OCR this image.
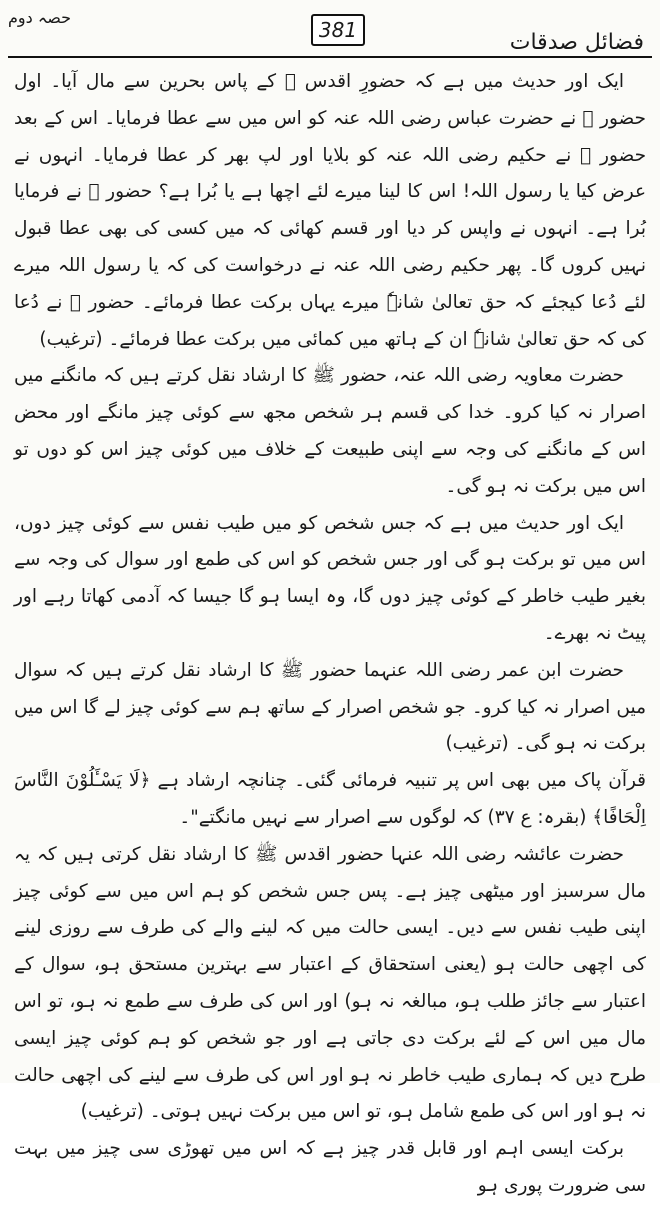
حصہ دوم
381	فضائل صدقات

ایک اور حدیث میں ہے کہ حضورِ اقدس ﷺ کے پاس بحرین سے مال آیا۔ اول حضور ﷺ نے حضرت عباس رضی اللہ عنہ کو اس میں سے عطا فرمایا۔ اس کے بعد حضور ﷺ نے حکیم رضی اللہ عنہ کو بلایا اور لپ بھر کر عطا فرمایا۔ انہوں نے عرض کیا یا رسول اللہ! اس کا لینا میرے لئے اچھا ہے یا بُرا ہے؟ حضور ﷺ نے فرمایا بُرا ہے۔ انہوں نے واپس کر دیا اور قسم کھائی کہ میں کسی کی بھی عطا قبول نہیں کروں گا۔ پھر حکیم رضی اللہ عنہ نے درخواست کی کہ یا رسول اللہ میرے لئے دُعا کیجئے کہ حق تعالیٰ شانہٗ میرے یہاں برکت عطا فرمائے۔ حضور ﷺ نے دُعا کی کہ حق تعالیٰ شانہٗ ان کے ہاتھ میں کمائی میں برکت عطا فرمائے۔ (ترغیب)

حضرت معاویہ رضی اللہ عنہ، حضور ﷺ کا ارشاد نقل کرتے ہیں کہ مانگنے میں اصرار نہ کیا کرو۔ خدا کی قسم ہر شخص مجھ سے کوئی چیز مانگے اور محض اس کے مانگنے کی وجہ سے اپنی طبیعت کے خلاف میں کوئی چیز اس کو دوں تو اس میں برکت نہ ہو گی۔

ایک اور حدیث میں ہے کہ جس شخص کو میں طیب نفس سے کوئی چیز دوں، اس میں تو برکت ہو گی اور جس شخص کو اس کی طمع اور سوال کی وجہ سے بغیر طیب خاطر کے کوئی چیز دوں گا، وہ ایسا ہو گا جیسا کہ آدمی کھاتا رہے اور پیٹ نہ بھرے۔

حضرت ابن عمر رضی اللہ عنہما حضور ﷺ کا ارشاد نقل کرتے ہیں کہ سوال میں اصرار نہ کیا کرو۔ جو شخص اصرار کے ساتھ ہم سے کوئی چیز لے گا اس میں برکت نہ ہو گی۔ (ترغیب)

قرآن پاک میں بھی اس پر تنبیہ فرمائی گئی۔ چنانچہ ارشاد ہے ﴿لَا يَسْـَٔلُوْنَ النَّاسَ اِلْحَافًا﴾ (بقرہ: ع ۳۷) کہ لوگوں سے اصرار سے نہیں مانگتے"۔

حضرت عائشہ رضی اللہ عنہا حضور اقدس ﷺ کا ارشاد نقل کرتی ہیں کہ یہ مال سرسبز اور میٹھی چیز ہے۔ پس جس شخص کو ہم اس میں سے کوئی چیز اپنی طیب نفس سے دیں۔ ایسی حالت میں کہ لینے والے کی طرف سے روزی لینے کی اچھی حالت ہو (یعنی استحقاق کے اعتبار سے بہترین مستحق ہو، سوال کے اعتبار سے جائز طلب ہو، مبالغہ نہ ہو) اور اس کی طرف سے طمع نہ ہو، تو اس مال میں اس کے لئے برکت دی جاتی ہے اور جو شخص کو ہم کوئی چیز ایسی طرح دیں کہ ہماری طیب خاطر نہ ہو اور اس کی طرف سے لینے کی اچھی حالت نہ ہو اور اس کی طمع شامل ہو، تو اس میں برکت نہیں ہوتی۔ (ترغیب)

برکت ایسی اہم اور قابل قدر چیز ہے کہ اس میں تھوڑی سی چیز میں بہت سی ضرورت پوری ہو
